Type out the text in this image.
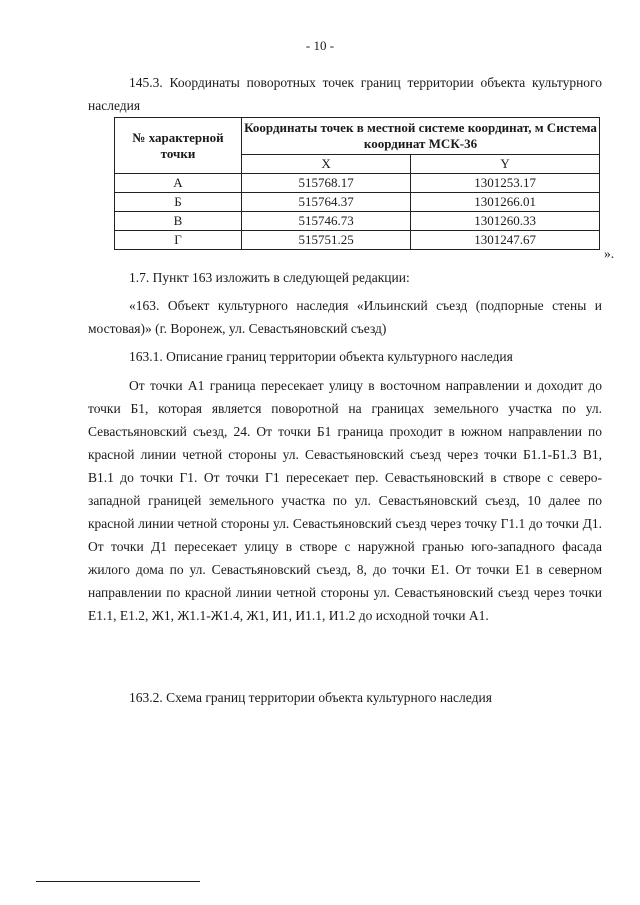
- 10 -

145.3. Координаты поворотных точек границ территории объекта культурного наследия

№ характерной точки	Координаты точек в местной системе координат, м Система координат МСК-36	
	X	Y
А	515768.17	1301253.17
Б	515764.37	1301266.01
В	515746.73	1301260.33
Г	515751.25	1301247.67
».

1.7. Пункт 163 изложить в следующей редакции:

«163. Объект культурного наследия «Ильинский съезд (подпорные стены и мостовая)» (г. Воронеж, ул. Севастьяновский съезд)

163.1. Описание границ территории объекта культурного наследия

От точки А1 граница пересекает улицу в восточном направлении и доходит до точки Б1, которая является поворотной на границах земельного участка по ул. Севастьяновский съезд, 24. От точки Б1 граница проходит в южном направлении по красной линии четной стороны ул. Севастьяновский съезд через точки Б1.1-Б1.3 В1, В1.1 до точки Г1. От точки Г1 пересекает пер. Севастьяновский в створе с северо-западной границей земельного участка по ул. Севастьяновский съезд, 10 далее по красной линии четной стороны ул. Севастьяновский съезд через точку Г1.1 до точки Д1. От точки Д1 пересекает улицу в створе с наружной гранью юго-западного фасада жилого дома по ул. Севастьяновский съезд, 8, до точки Е1. От точки Е1 в северном направлении по красной линии четной стороны ул. Севастьяновский съезд через точки Е1.1, Е1.2, Ж1, Ж1.1-Ж1.4, Ж1, И1, И1.1, И1.2 до исходной точки А1.

163.2. Схема границ территории объекта культурного наследия
